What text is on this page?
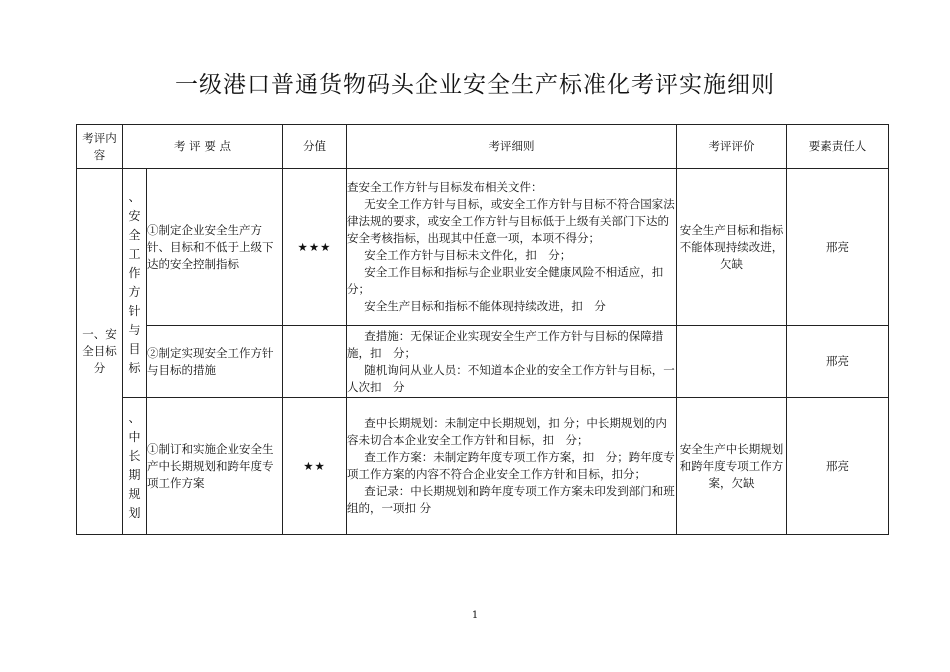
一级港口普通货物码头企业安全生产标准化考评实施细则
考评内容	考 评 要 点		分值	考评细则	考评评价	要素责任人
一、安全目标分	、安全工作方针与目标	①制定企业安全生产方针、目标和不低于上级下达的安全控制指标	★★★	查安全工作方针与目标发布相关文件：
无安全工作方针与目标，或安全工作方针与目标不符合国家法律法规的要求，或安全工作方针与目标低于上级有关部门下达的安全考核指标，出现其中任意一项，本项不得分；
安全工作方针与目标未文件化，扣　分；
安全工作目标和指标与企业职业安全健康风险不相适应，扣　分；
安全生产目标和指标不能体现持续改进，扣　分	安全生产目标和指标不能体现持续改进，欠缺	邢亮
		②制定实现安全工作方针与目标的措施		查措施：无保证企业实现安全生产工作方针与目标的保障措施，扣　分；
随机询问从业人员：不知道本企业的安全工作方针与目标，一人次扣　分		邢亮
	、中长期规划	①制订和实施企业安全生产中长期规划和跨年度专项工作方案	★★	查中长期规划：未制定中长期规划，扣 分；中长期规划的内容未切合本企业安全工作方针和目标，扣　分；
查工作方案：未制定跨年度专项工作方案，扣　分；跨年度专项工作方案的内容不符合企业安全工作方针和目标，扣分；
查记录：中长期规划和跨年度专项工作方案未印发到部门和班组的，一项扣 分	安全生产中长期规划和跨年度专项工作方案，欠缺	邢亮
1
